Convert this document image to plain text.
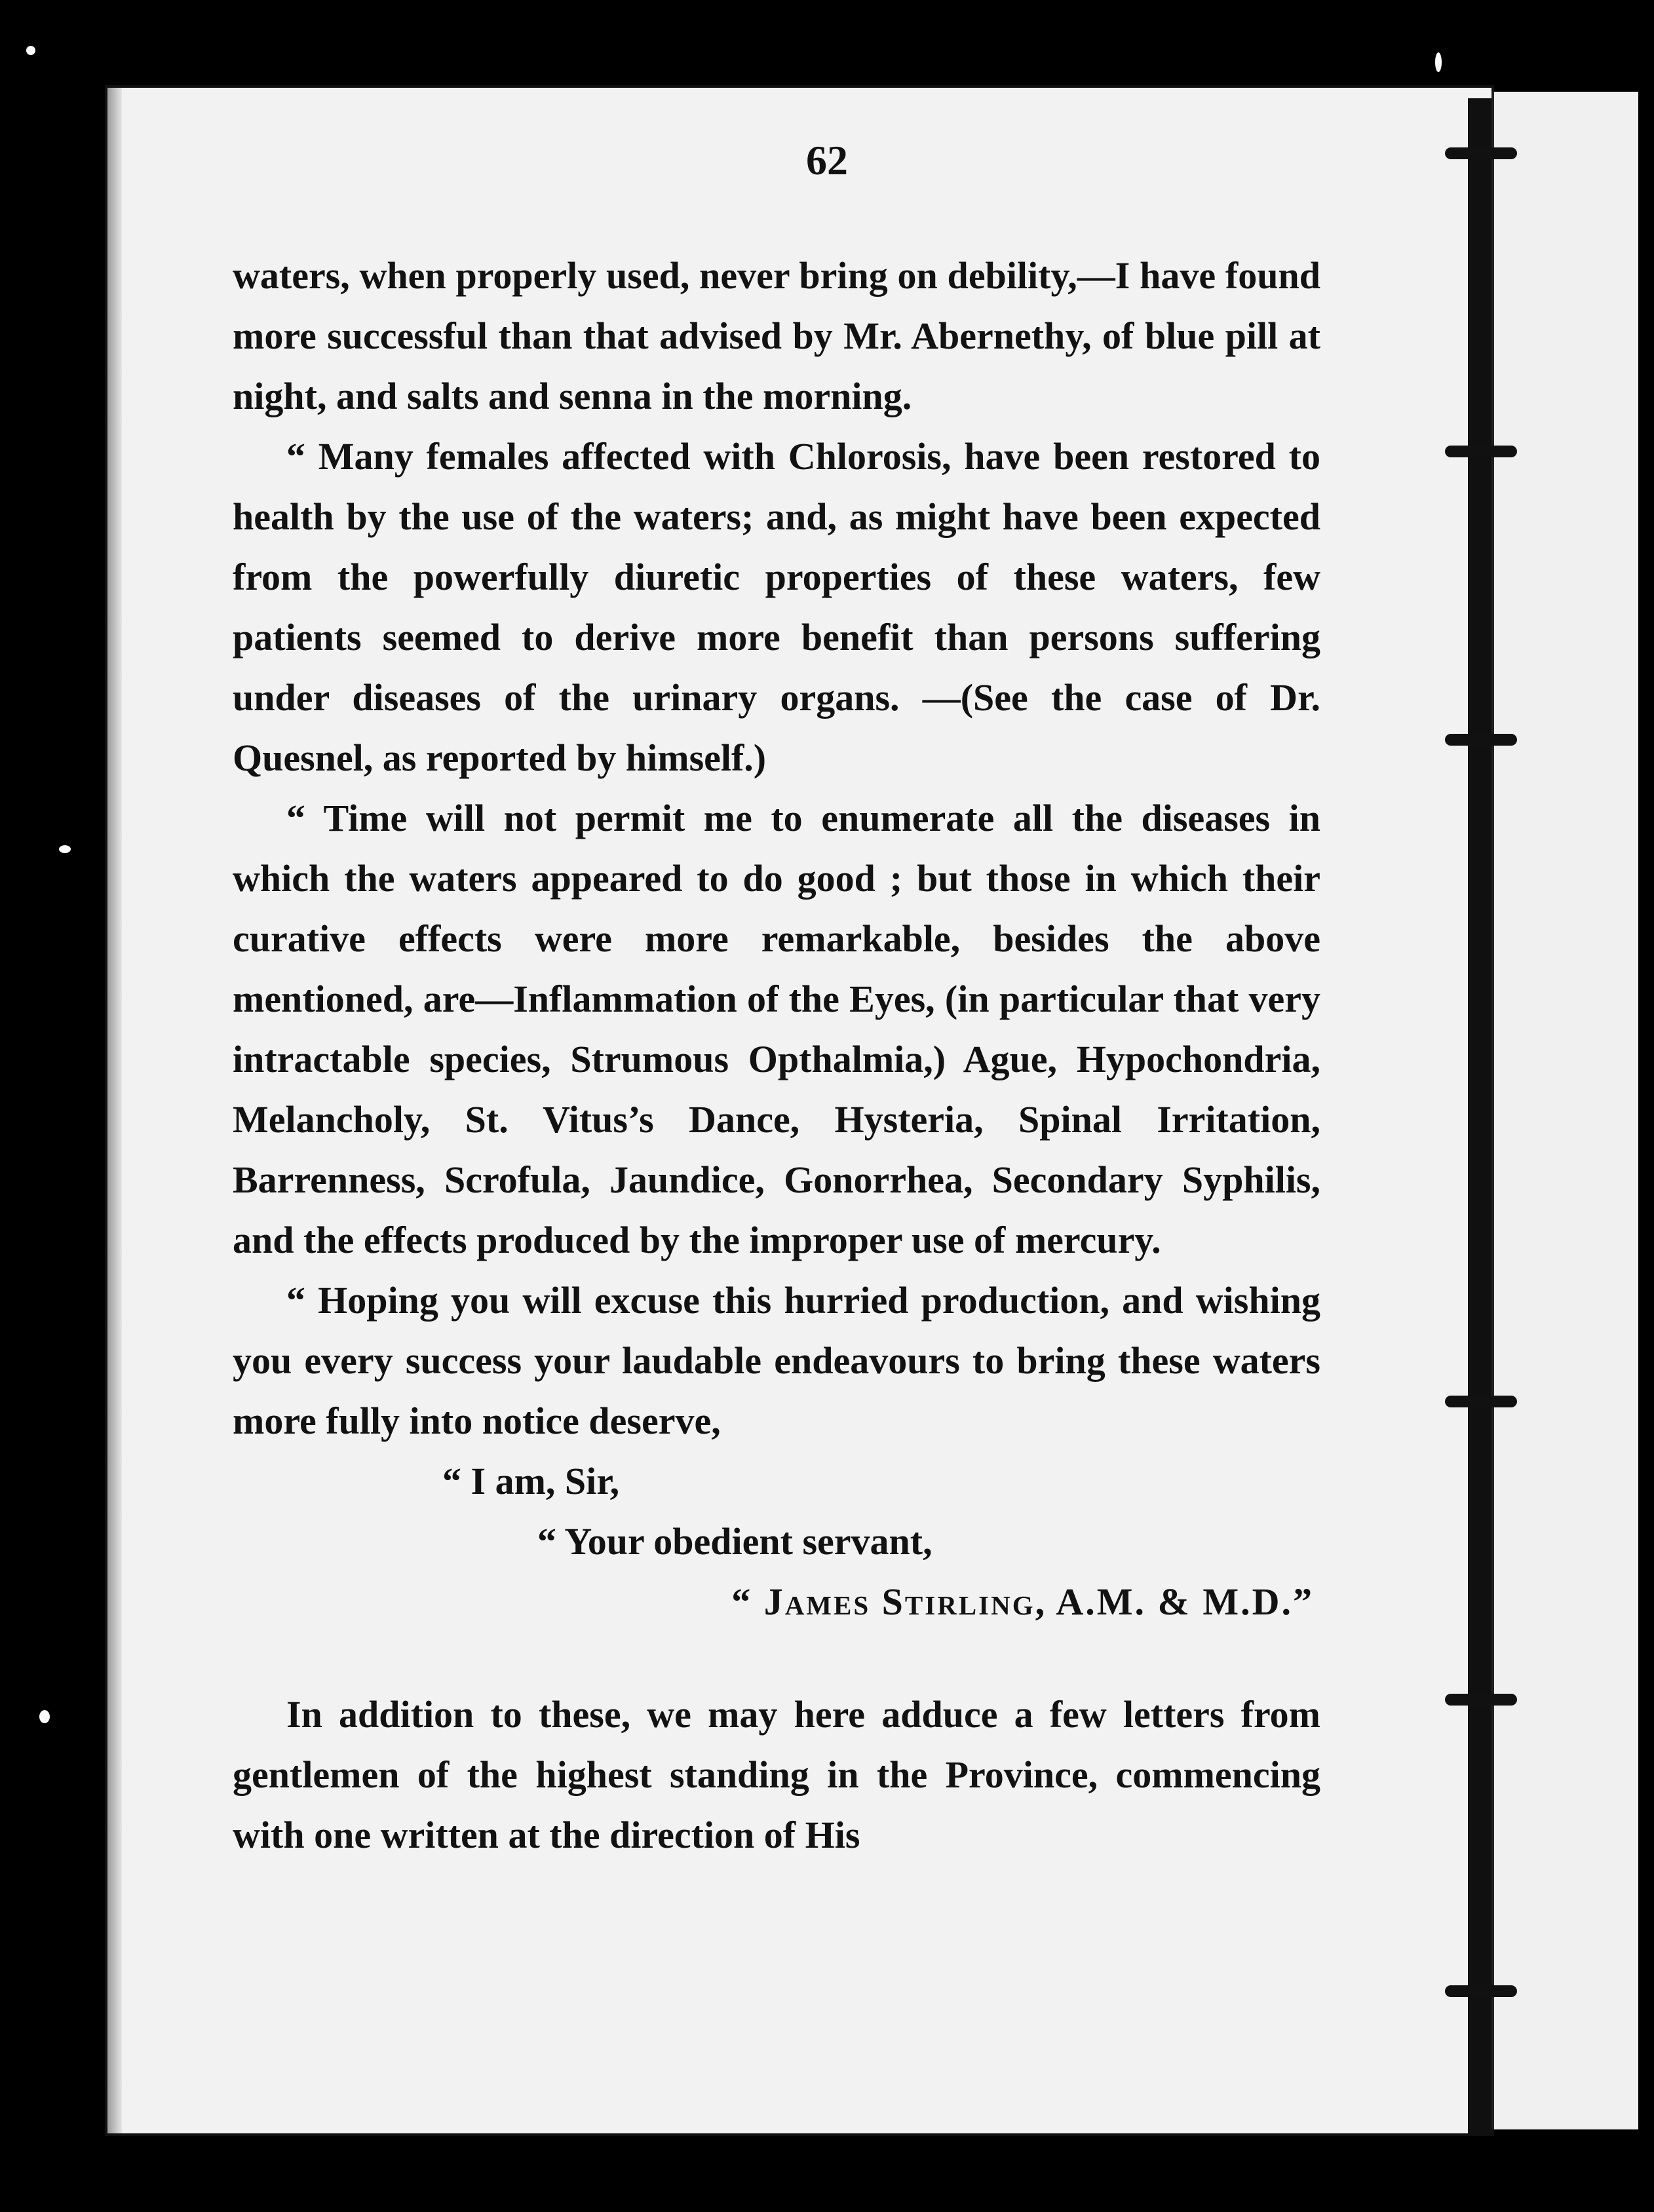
62

waters, when properly used, never bring on debility,—I have found more successful than that advised by Mr. Abernethy, of blue pill at night, and salts and senna in the morning.

“ Many females affected with Chlorosis, have been restored to health by the use of the waters; and, as might have been expected from the powerfully diuretic properties of these waters, few patients seemed to derive more benefit than persons suffering under diseases of the urinary organs. —(See the case of Dr. Quesnel, as reported by himself.)

“ Time will not permit me to enumerate all the diseases in which the waters appeared to do good ; but those in which their curative effects were more remarkable, besides the above mentioned, are—Inflammation of the Eyes, (in particular that very intractable species, Strumous Opthalmia,) Ague, Hypochondria, Melancholy, St. Vitus’s Dance, Hysteria, Spinal Irritation, Barrenness, Scrofula, Jaundice, Gonorrhea, Secondary Syphilis, and the effects produced by the improper use of mercury.

“ Hoping you will excuse this hurried production, and wishing you every success your laudable endeavours to bring these waters more fully into notice deserve,

“ I am, Sir,

“ Your obedient servant,

“ James Stirling, A.M. & M.D.”

In addition to these, we may here adduce a few letters from gentlemen of the highest standing in the Province, commencing with one written at the direction of His
